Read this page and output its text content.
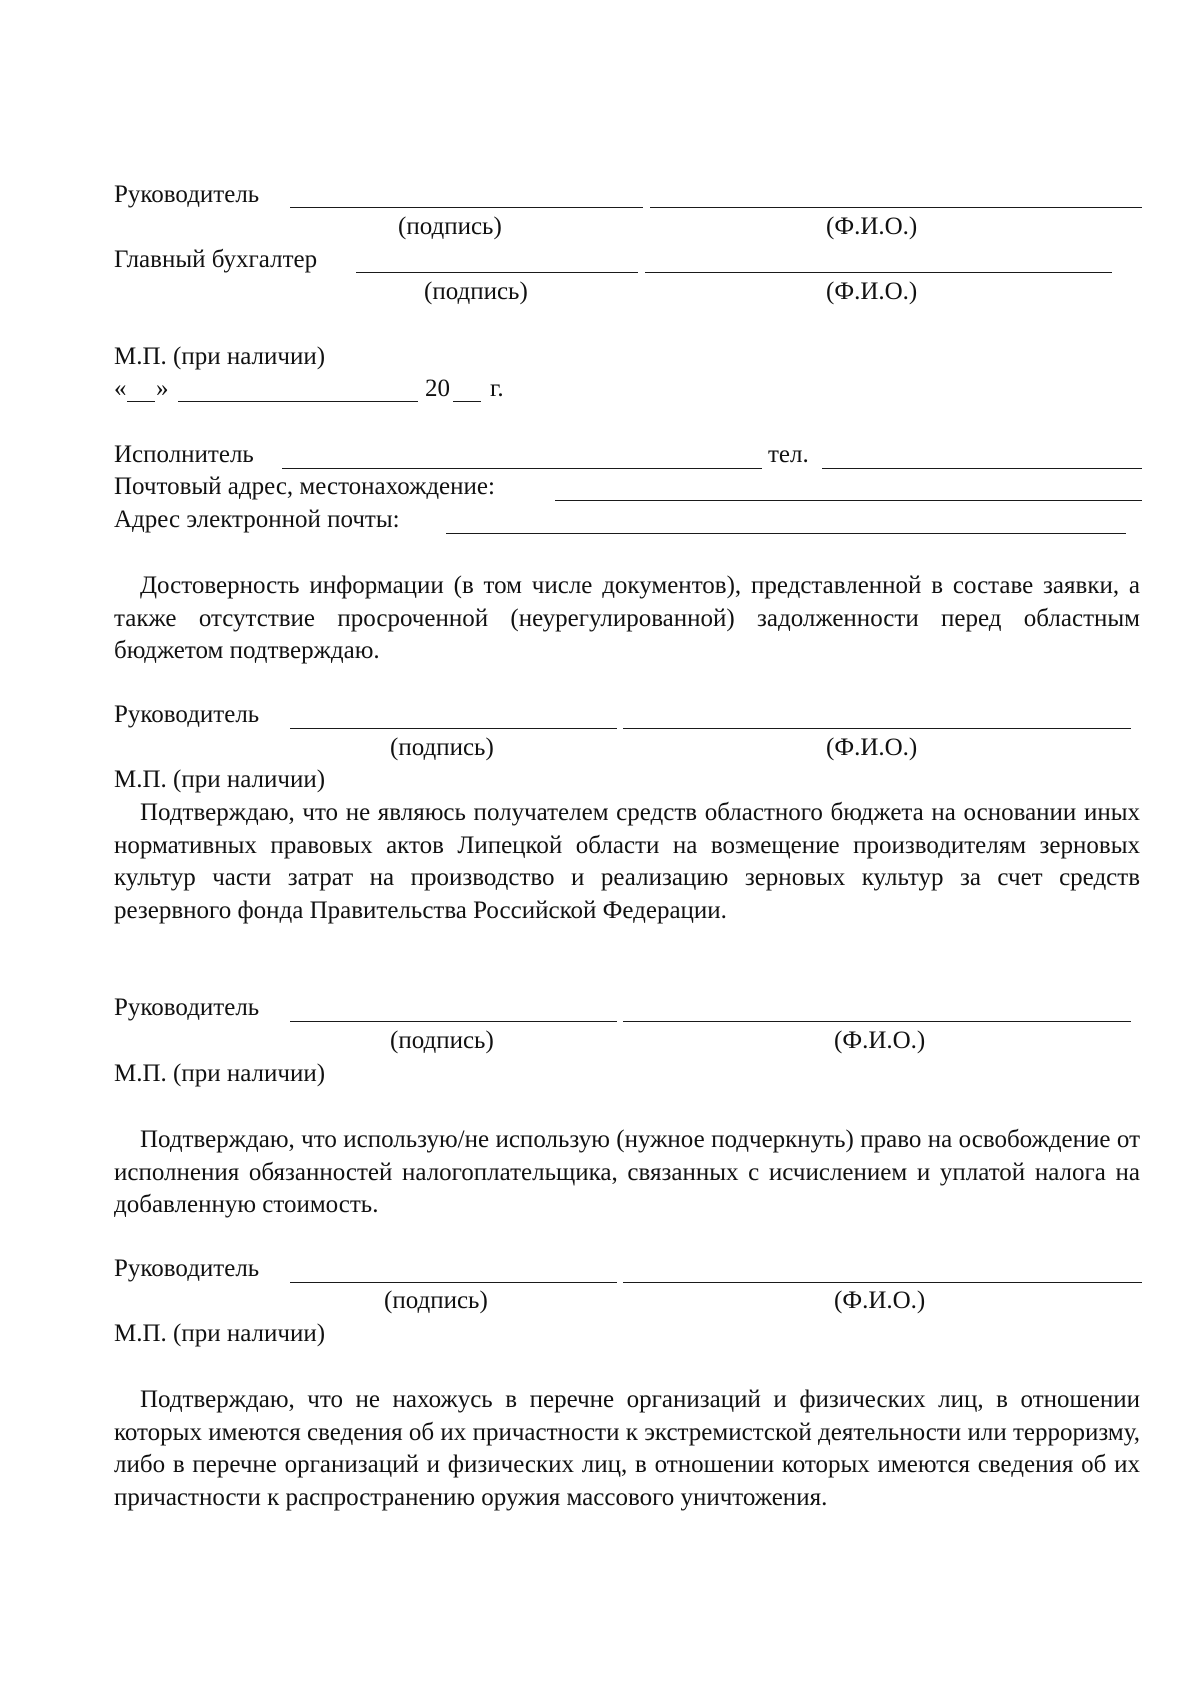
Руководитель
(подпись)	(Ф.И.О.)
Главный бухгалтер
(подпись)	(Ф.И.О.)
М.П. (при наличии)
« »	20 г.
Исполнитель	тел.
Почтовый адрес, местонахождение:
Адрес электронной почты:
Достоверность информации (в том числе документов), представленной в составе заявки, а также отсутствие просроченной (неурегулированной) задолженности перед областным бюджетом подтверждаю.
Руководитель
(подпись)	(Ф.И.О.)
М.П. (при наличии)
Подтверждаю, что не являюсь получателем средств областного бюджета на основании иных нормативных правовых актов Липецкой области на возмещение производителям зерновых культур части затрат на производство и реализацию зерновых культур за счет средств резервного фонда Правительства Российской Федерации.
Руководитель
(подпись)	(Ф.И.О.)
М.П. (при наличии)
Подтверждаю, что использую/не использую (нужное подчеркнуть) право на освобождение от исполнения обязанностей налогоплательщика, связанных с исчислением и уплатой налога на добавленную стоимость.
Руководитель
(подпись)	(Ф.И.О.)
М.П. (при наличии)
Подтверждаю, что не нахожусь в перечне организаций и физических лиц, в отношении которых имеются сведения об их причастности к экстремистской деятельности или терроризму, либо в перечне организаций и физических лиц, в отношении которых имеются сведения об их причастности к распространению оружия массового уничтожения.
